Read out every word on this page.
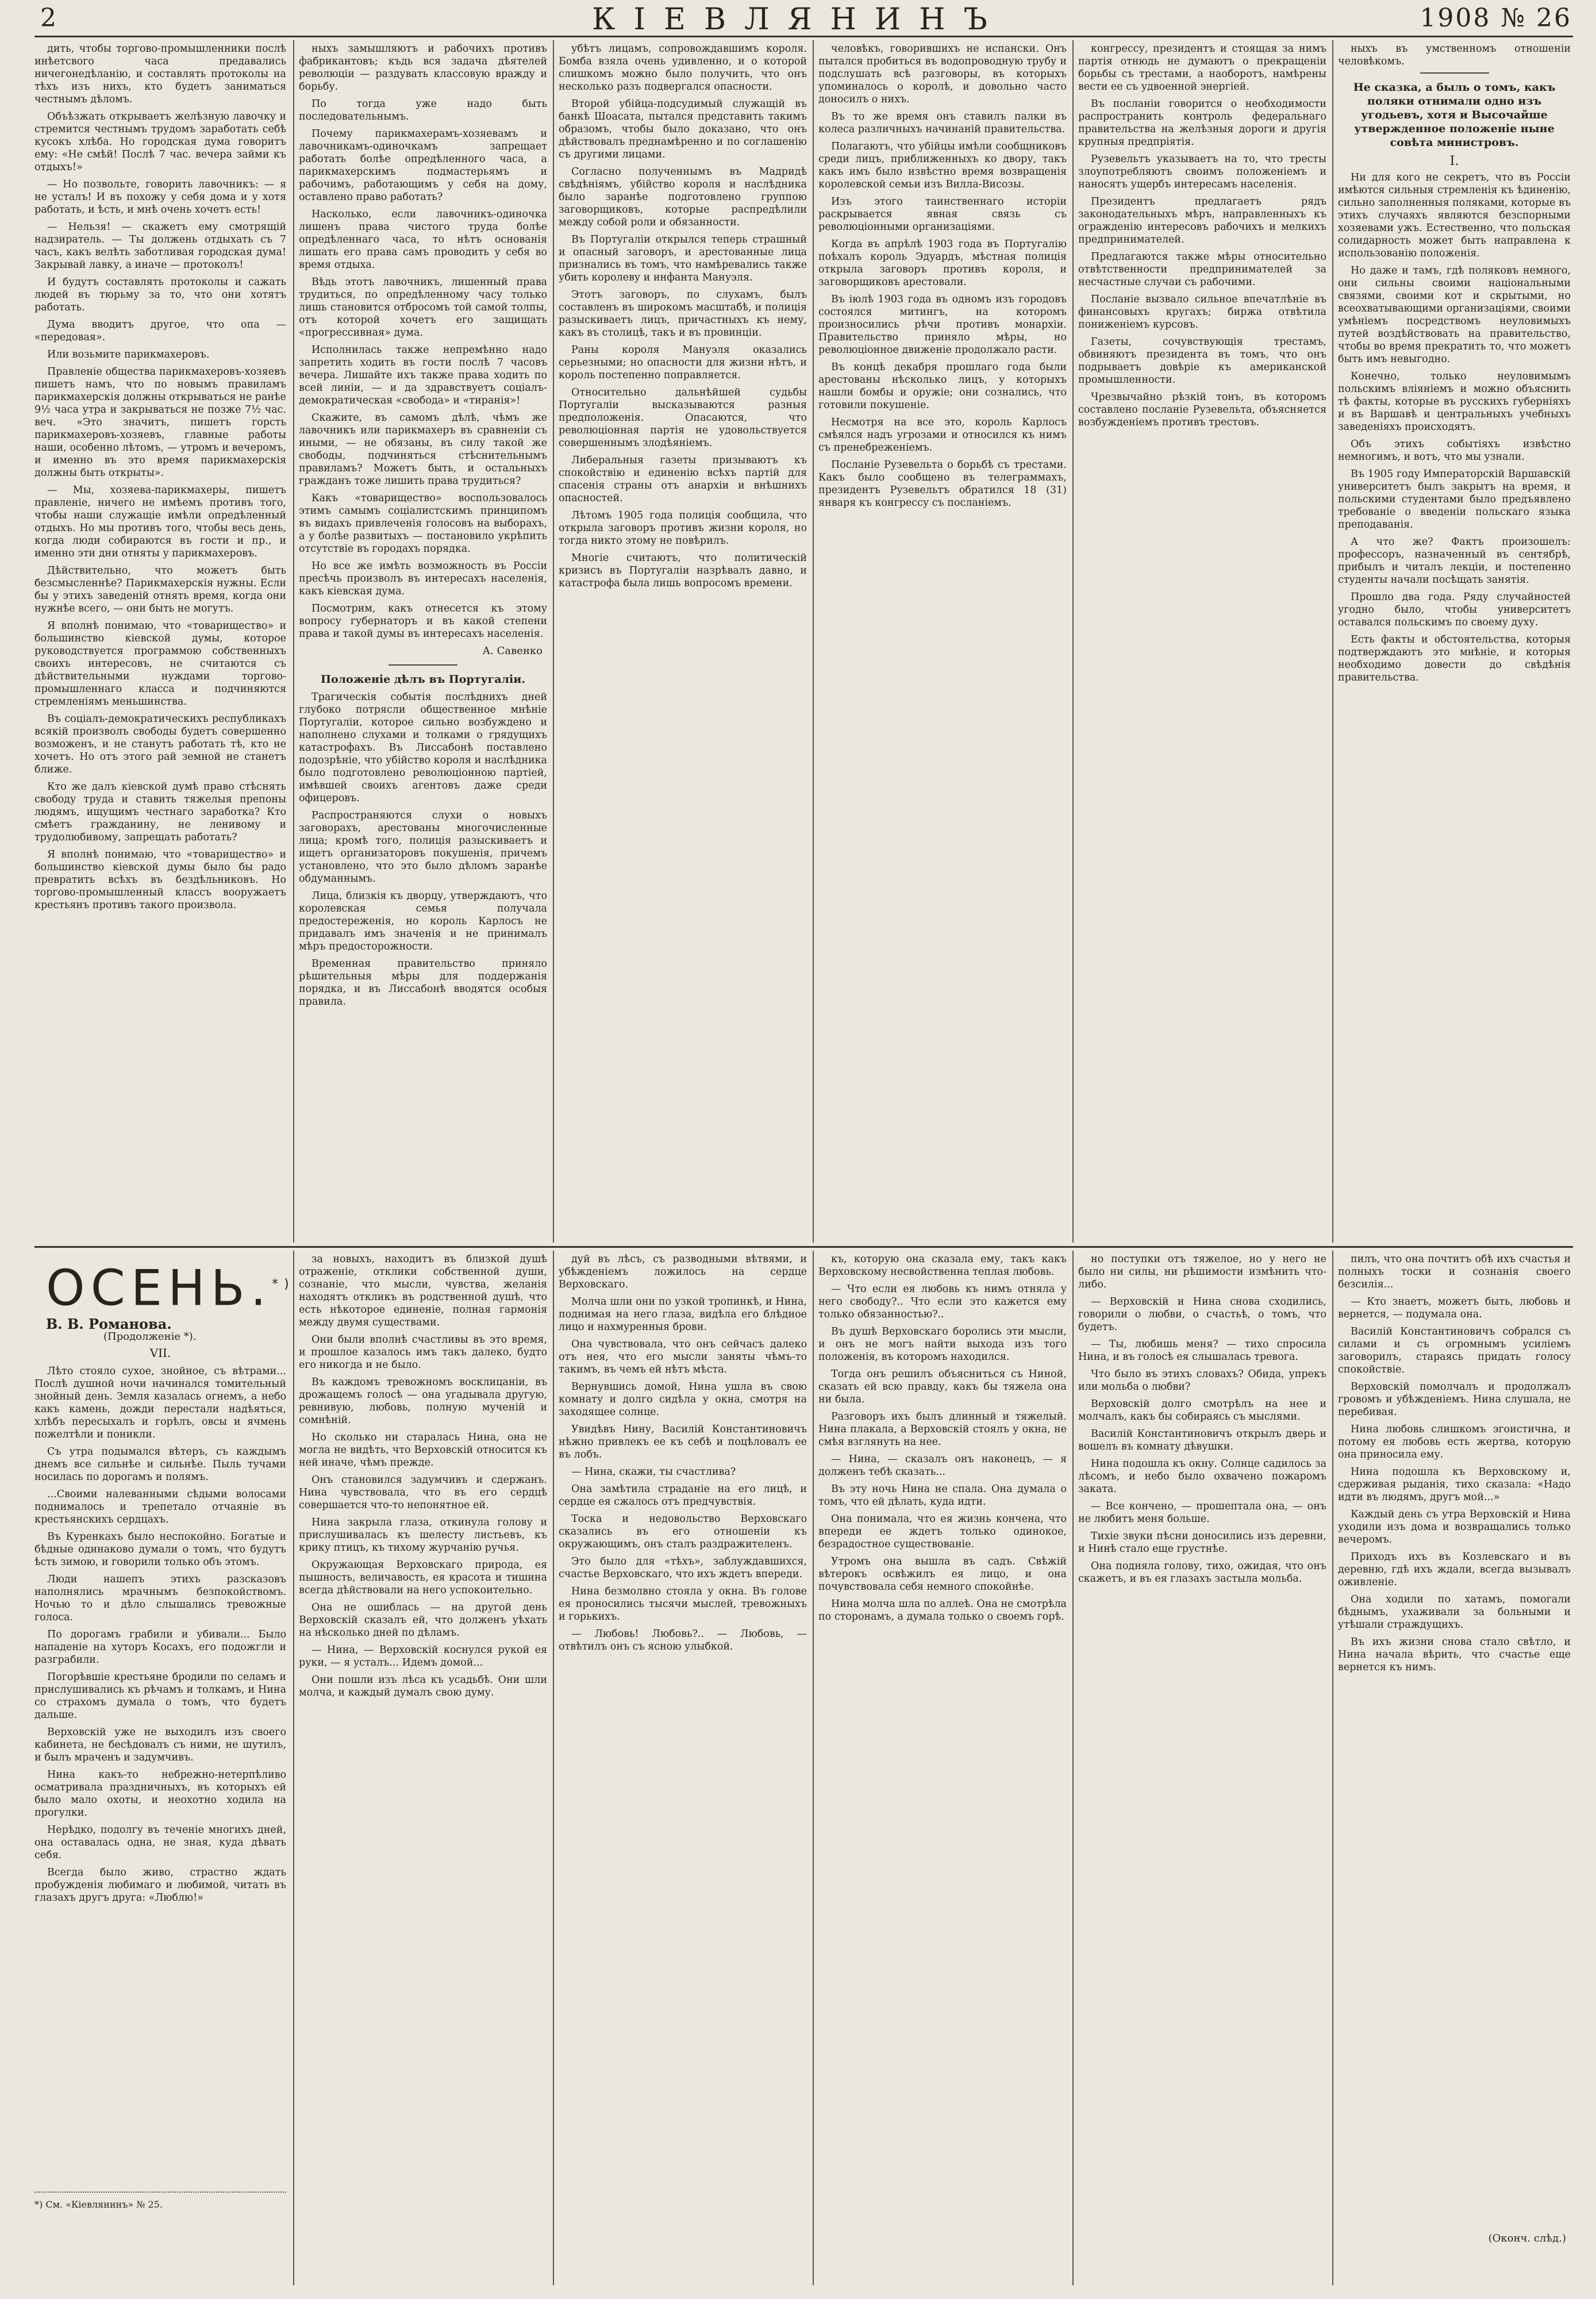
2	КІЕВЛЯНИНЪ	1908 № 26

дить, чтобы торгово-промышленники послѣ инѣетсвого часа предавались ничегонедѣланію, и составлять протоколы на тѣхъ изъ нихъ, кто будетъ заниматься честнымъ дѣломъ.

Объѣзжать открываетъ желѣзную лавочку и стремится честнымъ трудомъ заработать себѣ кусокъ хлѣба. Но городская дума говоритъ ему: «Не смѣй! Послѣ 7 час. вечера займи къ отдыхъ!»

— Но позвольте, говорить лавочникъ: — я не усталъ! И въ похожу у себя дома и у хотя работать, и ѣсть, и мнѣ очень хочетъ есть!

— Нельзя! — скажетъ ему смотрящій надзиратель. — Ты должень отдыхать съ 7 часъ, какъ велѣть заботливая городская дума! Закрывай лавку, а иначе — протоколъ!

И будутъ составлять протоколы и сажать людей въ тюрьму за то, что они хотятъ работать.

Дума вводитъ другое, что опа — «передовая».

Или возьмите парикмахеровъ.

Правленіе общества парикмахеровъ-хозяевъ пишетъ намъ, что по новымъ правиламъ парикмахерскія должны открываться не ранѣе 9½ часа утра и закрываться не позже 7½ час. веч. «Это значитъ, пишетъ горсть парикмахеровъ-хозяевъ, главные работы наши, особенно лѣтомъ, — утромъ и вечеромъ, и именно въ это время парикмахерскія должны быть открыты».

— Мы, хозяева-парикмахеры, пишетъ правленіе, ничего не имѣемъ противъ того, чтобы наши служащіе имѣли опредѣленный отдыхъ. Но мы противъ того, чтобы весь день, когда люди собираются въ гости и пр., и именно эти дни отняты у парикмахеровъ.

Дѣйствительно, что можетъ быть безсмысленнѣе? Парикмахерскія нужны. Если бы у этихъ заведеній отнять время, когда они нужнѣе всего, — они быть не могутъ.

Я вполнѣ понимаю, что «товарищество» и большинство кіевской думы, которое руководствуется программою собственныхъ своихъ интересовъ, не считаются съ дѣйствительными нуждами торгово-промышленнаго класса и подчиняются стремленіямъ меньшинства.

Въ соціалъ-демократическихъ республикахъ всякій произволъ свободы будетъ совершенно возможенъ, и не станутъ работать тѣ, кто не хочетъ. Но отъ этого рай земной не станетъ ближе.

Кто же далъ кіевской думѣ право стѣснять свободу труда и ставить тяжелыя препоны людямъ, ищущимъ честнаго заработка? Кто смѣетъ гражданину, не ленивому и трудолюбивому, запрещать работать?

Я вполнѣ понимаю, что «товарищество» и большинство кіевской думы было бы радо превратить всѣхъ въ бездѣльниковъ. Но торгово-промышленный классъ вооружаетъ крестьянъ противъ такого произвола.

ныхъ замышляютъ и рабочихъ противъ фабрикантовъ; къдь вся задача дѣятелей революціи — раздувать классовую вражду и борьбу.

По тогда уже надо быть последовательнымъ.

Почему парикмахерамъ-хозяевамъ и лавочникамъ-одиночкамъ запрещает работать болѣе опредѣленного часа, а парикмахерскимъ подмастерьямъ и рабочимъ, работающимъ у себя на дому, оставлено право работать?

Насколько, если лавочникъ-одиночка лишенъ права чистого труда болѣе опредѣленнаго часа, то нѣтъ основанія лишать его права самъ проводить у себя во время отдыха.

Вѣдь этотъ лавочникъ, лишенный права трудиться, по опредѣленному часу только лишь становится отбросомъ той самой толпы, отъ которой хочетъ его защищать «прогрессивная» дума.

Исполнилась также непремѣнно надо запретить ходить въ гости послѣ 7 часовъ вечера. Лишайте ихъ также права ходить по всей линіи, — и да здравствуетъ соціалъ-демократическая «свобода» и «тиранія»!

Скажите, въ самомъ дѣлѣ, чѣмъ же лавочникъ или парикмахеръ въ сравненіи съ иными, — не обязаны, въ силу такой же свободы, подчиняться стѣснительнымъ правиламъ? Можетъ быть, и остальныхъ гражданъ тоже лишить права трудиться?

Какъ «товарищество» воспользовалось этимъ самымъ соціалистскимъ принципомъ въ видахъ привлеченія голосовъ на выборахъ, а у болѣе развитыхъ — постановило укрѣпить отсутствіе въ городахъ порядка.

Но все же имѣть возможность въ Россіи пресѣчь произволъ въ интересахъ населенія, какъ кіевская дума.

Посмотрим, какъ отнесется къ этому вопросу губернаторъ и въ какой степени права и такой думы въ интересахъ населенія.

А. Савенко

Положеніе дѣлъ въ Португаліи.

Трагическія событія послѣднихъ дней глубоко потрясли общественное мнѣніе Португаліи, которое сильно возбуждено и наполнено слухами и толками о грядущихъ катастрофахъ. Въ Лиссабонѣ поставлено подозрѣніе, что убійство короля и наслѣдника было подготовлено революціонною партіей, имѣвшей своихъ агентовъ даже среди офицеровъ.

Распространяются слухи о новыхъ заговорахъ, арестованы многочисленные лица; кромѣ того, полиція разыскиваетъ и ищетъ организаторовъ покушенія, причемъ установлено, что это было дѣломъ заранѣе обдуманнымъ.

Лица, близкія къ дворцу, утверждаютъ, что королевская семья получала предостереженія, но король Карлосъ не придавалъ имъ значенія и не принималъ мѣръ предосторожности.

Временная правительство приняло рѣшительныя мѣры для поддержанія порядка, и въ Лиссабонѣ вводятся особыя правила.

убѣтъ лицамъ, сопровождавшимъ короля. Бомба взяла очень удивленно, и о которой слишкомъ можно было получить, что онъ несколько разъ подвергался опасности.

Второй убійца-подсудимый служащій въ банкѣ Шоасата, пытался представить такимъ образомъ, чтобы было доказано, что онъ дѣйствовалъ преднамѣренно и по соглашенію съ другими лицами.

Согласно полученнымъ въ Мадридѣ свѣдѣніямъ, убійство короля и наслѣдника было заранѣе подготовлено группою заговорщиковъ, которые распредѣлили между собой роли и обязанности.

Въ Португаліи открылся теперь страшный и опасный заговоръ, и арестованные лица признались въ томъ, что намѣревались также убить королеву и инфанта Мануэля.

Этотъ заговоръ, по слухамъ, былъ составленъ въ широкомъ масштабѣ, и полиція разыскиваетъ лицъ, причастныхъ къ нему, какъ въ столицѣ, такъ и въ провинціи.

Раны короля Мануэля оказались серьезными; но опасности для жизни нѣтъ, и король постепенно поправляется.

Относительно дальнѣйшей судьбы Португаліи высказываются разныя предположенія. Опасаются, что революціонная партія не удовольствуется совершеннымъ злодѣяніемъ.

Либеральныя газеты призываютъ къ спокойствію и единенію всѣхъ партій для спасенія страны отъ анархіи и внѣшнихъ опасностей.

Лѣтомъ 1905 года полиція сообщила, что открыла заговоръ противъ жизни короля, но тогда никто этому не повѣрилъ.

Многіе считаютъ, что политическій кризисъ въ Португаліи назрѣвалъ давно, и катастрофа была лишь вопросомъ времени.

человѣкъ, говорившихъ не испански. Онъ пытался пробиться въ водопроводную трубу и подслушать всѣ разговоры, въ которыхъ упоминалось о королѣ, и довольно часто доносилъ о нихъ.

Въ то же время онъ ставилъ палки въ колеса различныхъ начинаній правительства.

Полагаютъ, что убійцы имѣли сообщниковъ среди лицъ, приближенныхъ ко двору, такъ какъ имъ было извѣстно время возвращенія королевской семьи изъ Вилла-Висозы.

Изъ этого таинственнаго исторіи раскрывается явная связь съ революціонными организаціями.

Когда въ апрѣлѣ 1903 года въ Португалію поѣхалъ король Эдуардъ, мѣстная полиція открыла заговоръ противъ короля, и заговорщиковъ арестовали.

Въ іюлѣ 1903 года въ одномъ изъ городовъ состоялся митингъ, на которомъ произносились рѣчи противъ монархіи. Правительство приняло мѣры, но революціонное движеніе продолжало расти.

Въ концѣ декабря прошлаго года были арестованы нѣсколько лицъ, у которыхъ нашли бомбы и оружіе; они сознались, что готовили покушеніе.

Несмотря на все это, король Карлосъ смѣялся надъ угрозами и относился къ нимъ съ пренебреженіемъ.

Посланіе Рузевельта о борьбѣ съ трестами. Какъ было сообщено въ телеграммахъ, президентъ Рузевельтъ обратился 18 (31) января къ конгрессу съ посланіемъ.

конгрессу, президентъ и стоящая за нимъ партія отнюдь не думаютъ о прекращеніи борьбы съ трестами, а наоборотъ, намѣрены вести ее съ удвоенной энергіей.

Въ посланіи говорится о необходимости распространить контроль федеральнаго правительства на желѣзныя дороги и другія крупныя предпріятія.

Рузевельтъ указываетъ на то, что тресты злоупотребляютъ своимъ положеніемъ и наносятъ ущербъ интересамъ населенія.

Президентъ предлагаетъ рядъ законодательныхъ мѣръ, направленныхъ къ огражденію интересовъ рабочихъ и мелкихъ предпринимателей.

Предлагаются также мѣры относительно отвѣтственности предпринимателей за несчастные случаи съ рабочими.

Посланіе вызвало сильное впечатлѣніе въ финансовыхъ кругахъ; биржа отвѣтила пониженіемъ курсовъ.

Газеты, сочувствующія трестамъ, обвиняютъ президента въ томъ, что онъ подрываетъ довѣріе къ американской промышленности.

Чрезвычайно рѣзкій тонъ, въ которомъ составлено посланіе Рузевельта, объясняется возбужденіемъ противъ трестовъ.

ныхъ въ умственномъ отношеніи человѣкомъ.

Не сказка, а быль о томъ, какъ поляки отнимали одно изъ угодьевъ, хотя и Высочайше утвержденное положеніе ныне совѣта министровъ.

I.

Ни для кого не секретъ, что въ Россіи имѣются сильныя стремленія къ ѣдиненію, сильно заполненныя поляками, которые въ этихъ случаяхъ являются безспорными хозяевами ужъ. Естественно, что польская солидарность может быть направлена к использованію положенія.

Но даже и тамъ, гдѣ поляковъ немного, они сильны своими національными связями, своими кот и скрытыми, но всеохватывающими организаціями, своими умѣніемъ посредствомъ неуловимыхъ путей воздѣйствовать на правительство, чтобы во время прекратить то, что можетъ быть имъ невыгодно.

Конечно, только неуловимымъ польскимъ вліяніемъ и можно объяснить тѣ факты, которые въ русскихъ губерніяхъ и въ Варшавѣ и центральныхъ учебныхъ заведеніяхъ происходятъ.

Объ этихъ событіяхъ извѣстно немногимъ, и вотъ, что мы узнали.

Въ 1905 году Императорскій Варшавскій университетъ былъ закрытъ на время, и польскими студентами было предъявлено требованіе о введеніи польскаго языка преподаванія.

А что же? Фактъ произошелъ: профессоръ, назначенный въ сентябрѣ, прибылъ и читалъ лекціи, и постепенно студенты начали посѣщать занятія.

Прошло два года. Ряду случайностей угодно было, чтобы университетъ оставался польскимъ по своему духу.

Есть факты и обстоятельства, которыя подтверждаютъ это мнѣніе, и которыя необходимо довести до свѣдѣнія правительства.

ОСЕНЬ.*)
В. В. Романова.
(Продолженіе *).
VII.

Лѣто стояло сухое, знойное, съ вѣтрами... Послѣ душной ночи начинался томительный знойный день. Земля казалась огнемъ, а небо какъ камень, дожди перестали надѣяться, хлѣбъ пересыхалъ и горѣлъ, овсы и ячмень пожелтѣли и поникли.

Съ утра подымался вѣтеръ, съ каждымъ днемъ все сильнѣе и сильнѣе. Пыль тучами носилась по дорогамъ и полямъ.

...Своими налеванными сѣдыми волосами поднималось и трепетало отчаяніе въ крестьянскихъ сердцахъ.

Въ Куренкахъ было неспокойно. Богатые и бѣдные одинаково думали о томъ, что будутъ ѣсть зимою, и говорили только объ этомъ.

Люди нашепъ этихъ разсказовъ наполнялись мрачнымъ безпокойствомъ. Ночью то и дѣло слышались тревожные голоса.

По дорогамъ грабили и убивали... Было нападеніе на хуторъ Косахъ, его подожгли и разграбили.

Погорѣвшіе крестьяне бродили по селамъ и прислушивались къ рѣчамъ и толкамъ, и Нина со страхомъ думала о томъ, что будетъ дальше.

Верховскій уже не выходилъ изъ своего кабинета, не бесѣдовалъ съ ними, не шутилъ, и былъ мраченъ и задумчивъ.

Нина какъ-то небрежно-нетерпѣливо осматривала праздничныхъ, въ которыхъ ей было мало охоты, и неохотно ходила на прогулки.

Нерѣдко, подолгу въ теченіе многихъ дней, она оставалась одна, не зная, куда дѣвать себя.

Всегда было живо, страстно ждать пробужденія любимаго и любимой, читать въ глазахъ другъ друга: «Люблю!»

*) См. «Кіевлянинъ» № 25.

за новыхъ, находитъ въ близкой душѣ отраженіе, отклики собственной души, сознаніе, что мысли, чувства, желанія находятъ откликъ въ родственной душѣ, что есть нѣкоторое единеніе, полная гармонія между двумя существами.

Они были вполнѣ счастливы въ это время, и прошлое казалось имъ такъ далеко, будто его никогда и не было.

Въ каждомъ тревожномъ восклицаніи, въ дрожащемъ голосѣ — она угадывала другую, ревнивую, любовь, полную мученій и сомнѣній.

Но сколько ни старалась Нина, она не могла не видѣть, что Верховскій относится къ ней иначе, чѣмъ прежде.

Онъ становился задумчивъ и сдержанъ. Нина чувствовала, что въ его сердцѣ совершается что-то непонятное ей.

Нина закрыла глаза, откинула голову и прислушивалась къ шелесту листьевъ, къ крику птицъ, къ тихому журчанію ручья.

Окружающая Верховскаго природа, ея пышность, величавость, ея красота и тишина всегда дѣйствовали на него успокоительно.

Она не ошиблась — на другой день Верховскій сказалъ ей, что долженъ уѣхать на нѣсколько дней по дѣламъ.

— Нина, — Верховскій коснулся рукой ея руки, — я усталъ... Идемъ домой...

Они пошли изъ лѣса къ усадьбѣ. Они шли молча, и каждый думалъ свою думу.

дуй въ лѣсъ, съ разводными вѣтвями, и убѣжденіемъ ложилось на сердце Верховскаго.

Молча шли они по узкой тропинкѣ, и Нина, поднимая на него глаза, видѣла его блѣдное лицо и нахмуренныя брови.

Она чувствовала, что онъ сейчасъ далеко отъ нея, что его мысли заняты чѣмъ-то такимъ, въ чемъ ей нѣтъ мѣста.

Вернувшись домой, Нина ушла въ свою комнату и долго сидѣла у окна, смотря на заходящее солнце.

Увидѣвъ Нину, Василій Константиновичъ нѣжно привлекъ ее къ себѣ и поцѣловалъ ее въ лобъ.

— Нина, скажи, ты счастлива?

Она замѣтила страданіе на его лицѣ, и сердце ея сжалось отъ предчувствія.

Тоска и недовольство Верховскаго сказались въ его отношеніи къ окружающимъ, онъ сталъ раздражителенъ.

Это было для «тѣхъ», заблуждавшихся, счастье Верховскаго, что ихъ ждетъ впереди.

Нина безмолвно стояла у окна. Въ голове ея проносились тысячи мыслей, тревожныхъ и горькихъ.

— Любовь! Любовь?.. — Любовь, — отвѣтилъ онъ съ ясною улыбкой.

къ, которую она сказала ему, такъ какъ Верховскому несвойственна теплая любовь.

— Что если ея любовь къ нимъ отняла у него свободу?.. Что если это кажется ему только обязанностью?..

Въ душѣ Верховскаго боролись эти мысли, и онъ не могъ найти выхода изъ того положенія, въ которомъ находился.

Тогда онъ решилъ объясниться съ Ниной, сказать ей всю правду, какъ бы тяжела она ни была.

Разговоръ ихъ былъ длинный и тяжелый. Нина плакала, а Верховскій стоялъ у окна, не смѣя взглянуть на нее.

— Нина, — сказалъ онъ наконецъ, — я долженъ тебѣ сказать...

Въ эту ночь Нина не спала. Она думала о томъ, что ей дѣлать, куда идти.

Она понимала, что ея жизнь кончена, что впереди ее ждетъ только одинокое, безрадостное существованіе.

Утромъ она вышла въ садъ. Свѣжій вѣтерокъ освѣжилъ ея лицо, и она почувствовала себя немного спокойнѣе.

Нина молча шла по аллеѣ. Она не смотрѣла по сторонамъ, а думала только о своемъ горѣ.

но поступки отъ тяжелое, но у него не было ни силы, ни рѣшимости измѣнить что-либо.

— Верховскій и Нина снова сходились, говорили о любви, о счастьѣ, о томъ, что будетъ.

— Ты, любишь меня? — тихо спросила Нина, и въ голосѣ ея слышалась тревога.

Что было въ этихъ словахъ? Обида, упрекъ или мольба о любви?

Верховскій долго смотрѣлъ на нее и молчалъ, какъ бы собираясь съ мыслями.

Василій Константиновичъ открылъ дверь и вошелъ въ комнату дѣвушки.

Нина подошла къ окну. Солнце садилось за лѣсомъ, и небо было охвачено пожаромъ заката.

— Все кончено, — прошептала она, — онъ не любитъ меня больше.

Тихіе звуки пѣсни доносились изъ деревни, и Нинѣ стало еще грустнѣе.

Она подняла голову, тихо, ожидая, что онъ скажетъ, и въ ея глазахъ застыла мольба.

пилъ, что она почтитъ обѣ ихъ счастья и полныхъ тоски и сознанія своего безсилія...

— Кто знаетъ, можетъ быть, любовь и вернется, — подумала она.

Василій Константиновичъ собрался съ силами и съ огромнымъ усиліемъ заговорилъ, стараясь придать голосу спокойствіе.

Верховскій помолчалъ и продолжалъ гровомъ и убѣжденіемъ. Нина слушала, не перебивая.

Нина любовь слишкомъ эгоистична, и потому ея любовь есть жертва, которую она приносила ему.

Нина подошла къ Верховскому и, сдерживая рыданія, тихо сказала: «Надо идти въ людямъ, другъ мой...»

Каждый день съ утра Верховскій и Нина уходили изъ дома и возвращались только вечеромъ.

Приходъ ихъ въ Козлевскаго и въ деревню, гдѣ ихъ ждали, всегда вызывалъ оживленіе.

Она ходили по хатамъ, помогали бѣднымъ, ухаживали за больными и утѣшали страждущихъ.

Въ ихъ жизни снова стало свѣтло, и Нина начала вѣрить, что счастье еще вернется къ нимъ.

(Оконч. слѣд.)
